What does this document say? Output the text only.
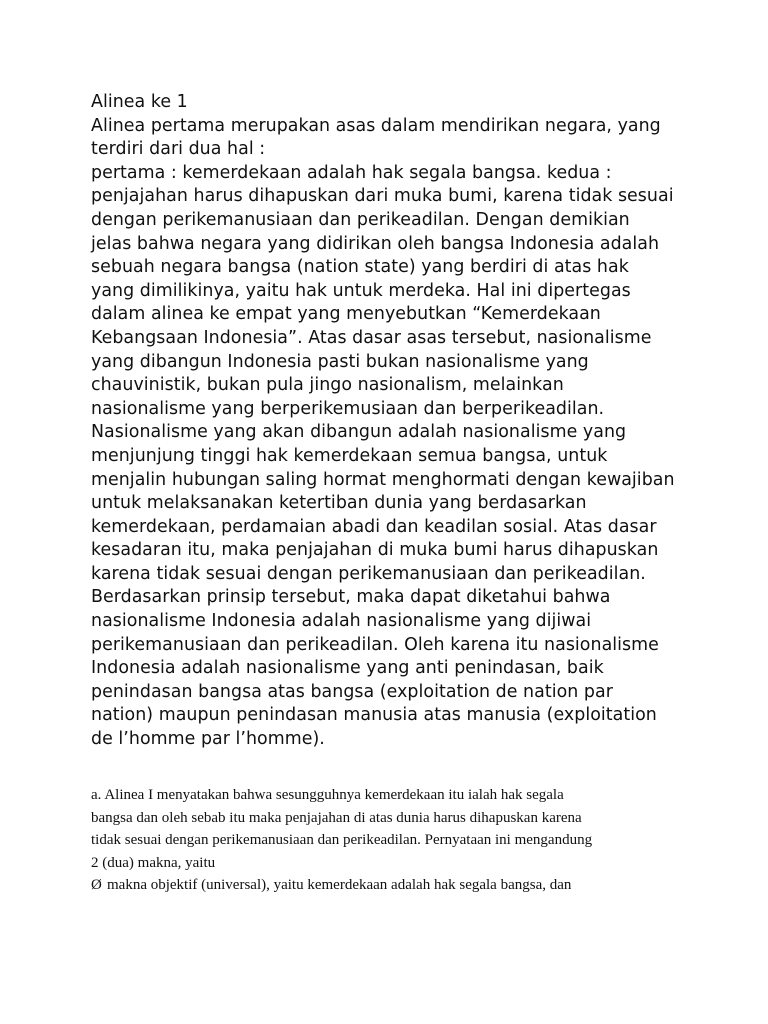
Alinea ke 1
Alinea pertama merupakan asas dalam mendirikan negara, yang
terdiri dari dua hal :
pertama : kemerdekaan adalah hak segala bangsa. kedua :
penjajahan harus dihapuskan dari muka bumi, karena tidak sesuai
dengan perikemanusiaan dan perikeadilan. Dengan demikian
jelas bahwa negara yang didirikan oleh bangsa Indonesia adalah
sebuah negara bangsa (nation state) yang berdiri di atas hak
yang dimilikinya, yaitu hak untuk merdeka. Hal ini dipertegas
dalam alinea ke empat yang menyebutkan “Kemerdekaan
Kebangsaan Indonesia”. Atas dasar asas tersebut, nasionalisme
yang dibangun Indonesia pasti bukan nasionalisme yang
chauvinistik, bukan pula jingo nasionalism, melainkan
nasionalisme yang berperikemusiaan dan berperikeadilan.
Nasionalisme yang akan dibangun adalah nasionalisme yang
menjunjung tinggi hak kemerdekaan semua bangsa, untuk
menjalin hubungan saling hormat menghormati dengan kewajiban
untuk melaksanakan ketertiban dunia yang berdasarkan
kemerdekaan, perdamaian abadi dan keadilan sosial. Atas dasar
kesadaran itu, maka penjajahan di muka bumi harus dihapuskan
karena tidak sesuai dengan perikemanusiaan dan perikeadilan.
Berdasarkan prinsip tersebut, maka dapat diketahui bahwa
nasionalisme Indonesia adalah nasionalisme yang dijiwai
perikemanusiaan dan perikeadilan. Oleh karena itu nasionalisme
Indonesia adalah nasionalisme yang anti penindasan, baik
penindasan bangsa atas bangsa (exploitation de nation par
nation) maupun penindasan manusia atas manusia (exploitation
de l’homme par l’homme).
a. Alinea I menyatakan bahwa sesungguhnya kemerdekaan itu ialah hak segala
bangsa dan oleh sebab itu maka penjajahan di atas dunia harus dihapuskan karena
tidak sesuai dengan perikemanusiaan dan perikeadilan. Pernyataan ini mengandung
2 (dua) makna, yaitu
Ø makna objektif (universal), yaitu kemerdekaan adalah hak segala bangsa, dan
